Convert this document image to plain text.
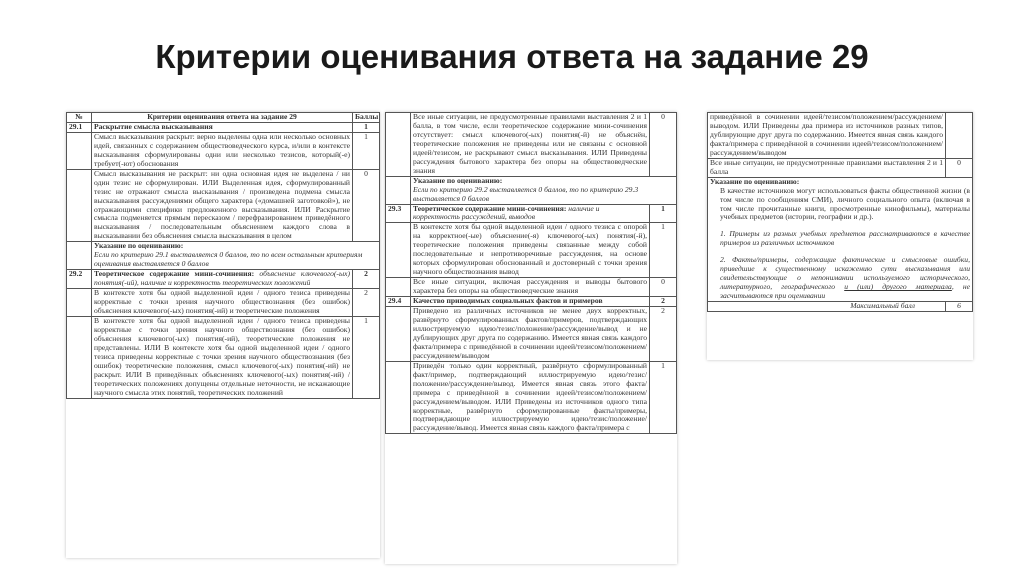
Критерии оценивания ответа на задание 29
№	Критерии оценивания ответа на задание 29	Баллы
29.1	Раскрытие смысла высказывания	1
	Смысл высказывания раскрыт: верно выделены одна или несколько основных идей, связанных с содержанием обществоведческого курса, и/или в контексте высказывания сформулированы одни или несколько тезисов, который(-е) требует(-ют) обоснования	1
	Смысл высказывания не раскрыт: ни одна основная идея не выделена / ни один тезис не сформулирован. ИЛИ Выделенная идея, сформулированный тезис не отражают смысла высказывания / произведена подмена смысла высказывания рассуждениями общего характера («домашней заготовкой»), не отражающими специфики предложенного высказывания. ИЛИ Раскрытие смысла подменяется прямым пересказом / перефразированием приведённого высказывания / последовательным объяснением каждого слова в высказывании без объяснения смысла высказывания в целом	0

	Указание по оцениванию:
Если по критерию 29.1 выставляется 0 баллов, то по всем остальным критериям оценивания выставляется 0 баллов	

29.2	Теоретическое содержание мини-сочинения: объяснение ключевого(-ых) понятия(-ий), наличие и корректность теоретических положений	2
	В контексте хотя бы одной выделенной идеи / одного тезиса приведены корректные с точки зрения научного обществознания (без ошибок) объяснения ключевого(-ых) понятия(-ий) и теоретические положения	2
	В контексте хотя бы одной выделенной идеи / одного тезиса приведены корректные с точки зрения научного обществознания (без ошибок) объяснения ключевого(-ых) понятия(-ий), теоретические положения не представлены. ИЛИ В контексте хотя бы одной выделенной идеи / одного тезиса приведены корректные с точки зрения научного обществознания (без ошибок) теоретические положения, смысл ключевого(-ых) понятия(-ий) не раскрыт. ИЛИ В приведённых объяснениях ключевого(-ых) понятия(-ий) / теоретических положениях допущены отдельные неточности, не искажающие научного смысла этих понятий, теоретических положений	1
	Все иные ситуации, не предусмотренные правилами выставления 2 и 1 балла, в том числе, если теоретическое содержание мини-сочинения отсутствует: смысл ключевого(-ых) понятия(-й) не объяснён, теоретические положения не приведены или не связаны с основной идеей/тезисом, не раскрывают смысл высказывания. ИЛИ Приведены рассуждения бытового характера без опоры на обществоведческие знания	0

	Указание по оцениванию:
Если по критерию 29.2 выставляется 0 баллов, то по критерию 29.3 выставляется 0 баллов	

29.3	Теоретическое содержание мини-сочинения: наличие и корректность рассуждений, выводов	1
	В контексте хотя бы одной выделенной идеи / одного тезиса с опорой на корректное(-ые) объяснение(-я) ключевого(-ых) понятия(-й), теоретические положения приведены связанные между собой последовательные и непротиворечивые рассуждения, на основе которых сформулирован обоснованный и достоверный с точки зрения научного обществознания вывод	1
	Все иные ситуации, включая рассуждения и выводы бытового характера без опоры на обществоведческие знания	0
29.4	Качество приводимых социальных фактов и примеров	2
	Приведено из различных источников не менее двух корректных, развёрнуто сформулированных фактов/примеров, подтверждающих иллюстрируемую идею/тезис/положение/рассуждение/вывод и не дублирующих друг друга по содержанию. Имеется явная связь каждого факта/примера с приведённой в сочинении идеей/тезисом/положением/рассуждением/выводом	2
	Приведён только один корректный, развёрнуто сформулированный факт/пример, подтверждающий иллюстрируемую идею/тезис/положение/рассуждение/вывод. Имеется явная связь этого факта/примера с приведённой в сочинении идеей/тезисом/положением/рассуждением/выводом. ИЛИ Приведены из источников одного типа корректные, развёрнуто сформулированные факты/примеры, подтверждающие иллюстрируемую идею/тезис/положение/рассуждение/вывод. Имеется явная связь каждого факта/примера с	1
приведённой в сочинении идеей/тезисом/положением/рассуждением/выводом. ИЛИ Приведены два примера из источников разных типов, дублирующие друг друга по содержанию. Имеется явная связь каждого факта/примера с приведённой в сочинении идеей/тезисом/положением/рассуждением/выводом	
Все иные ситуации, не предусмотренные правилами выставления 2 и 1 балла	0

Указание по оцениванию:
В качестве источников могут использоваться факты общественной жизни (в том числе по сообщениям СМИ), личного социального опыта (включая в том числе прочитанные книги, просмотренные кинофильмы), материалы учебных предметов (истории, географии и др.).
1. Примеры из разных учебных предметов рассматриваются в качестве примеров из различных источников
2. Факты/примеры, содержащие фактические и смысловые ошибки, приведшие к существенному искажению сути высказывания или свидетельствующие о непонимании используемого исторического, литературного, географического и (или) другого материала, не засчитываются при оценивании	

Максимальный балл	6
